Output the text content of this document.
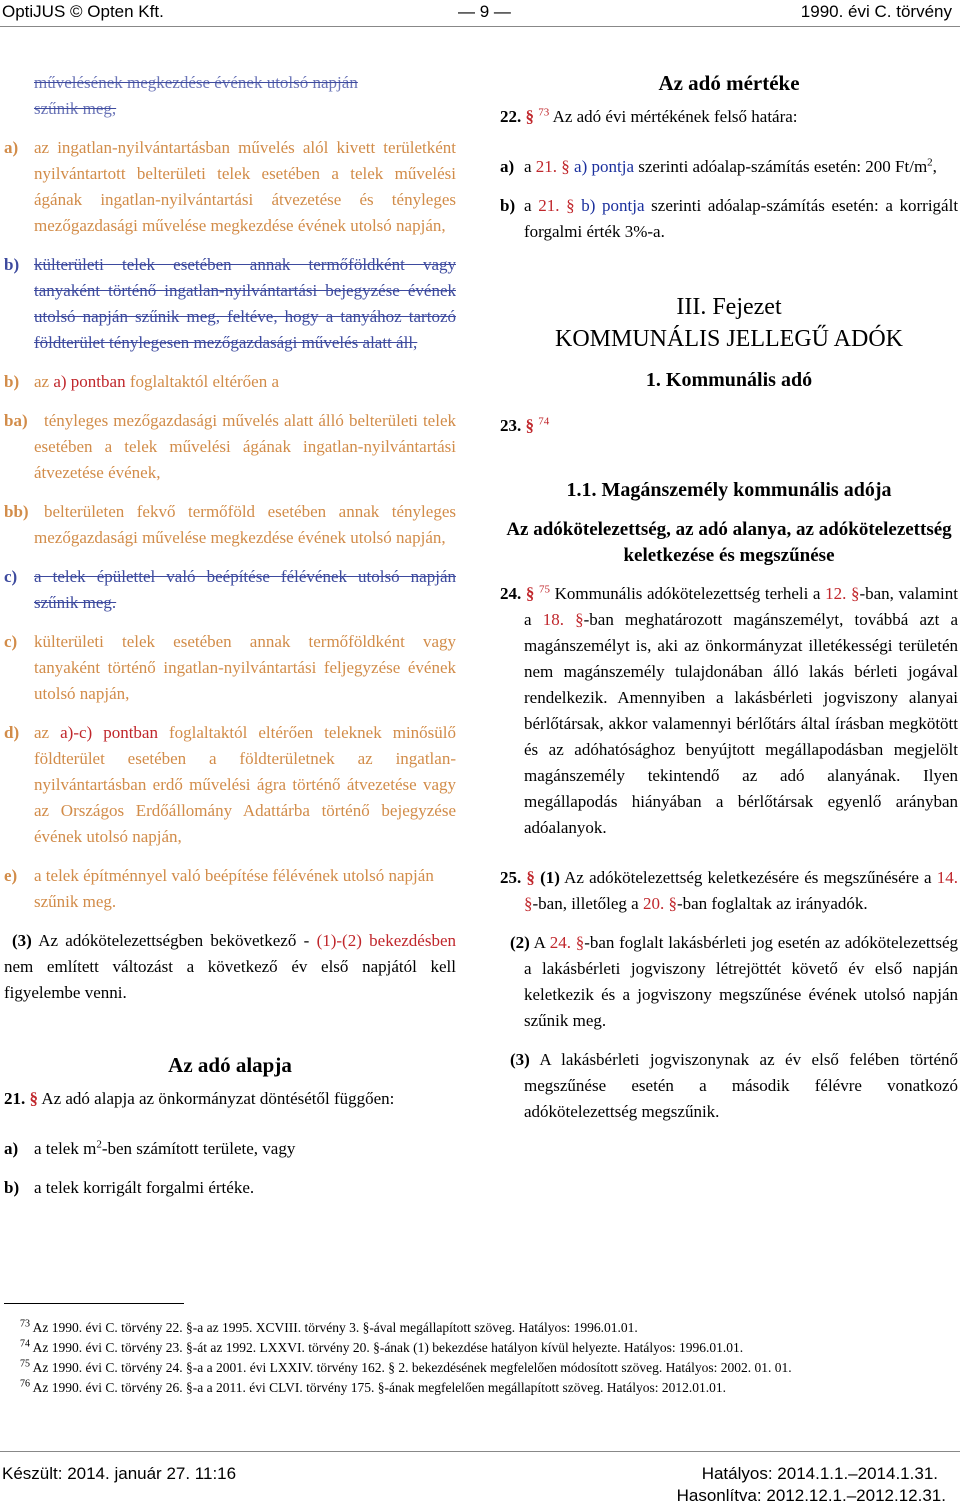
OptiJUS © Opten Kft.	— 9 —	1990. évi C. törvény

művelésének megkezdése évének utolsó napján

szűnik meg,

a) az ingatlan-nyilvántartásban művelés alól kivett területként nyilvántartott belterületi telek esetében a telek művelési ágának ingatlan-nyilvántartási átvezetése és tényleges mezőgazdasági művelése megkezdése évének utolsó napján,
b) külterületi telek esetében annak termőföldként vagy tanyaként történő ingatlan-nyilvántartási bejegyzése évének utolsó napján szűnik meg, feltéve, hogy a tanyához tartozó földterület ténylegesen mezőgazdasági művelés alatt áll,
b) az a) pontban foglaltaktól eltérően a
ba) tényleges mezőgazdasági művelés alatt álló belterületi telek esetében a telek művelési ágának ingatlan-nyilvántartási átvezetése évének,
bb) belterületen fekvő termőföld esetében annak tényleges mezőgazdasági művelése megkezdése évének utolsó napján,
c) a telek épülettel való beépítése félévének utolsó napján szűnik meg.
c) külterületi telek esetében annak termőföldként vagy tanyaként történő ingatlan-nyilvántartási feljegyzése évének utolsó napján,
d) az a)-c) pontban foglaltaktól eltérően teleknek minősülő földterület esetében a földterületnek az ingatlan-nyilvántartásban erdő művelési ágra történő átvezetése vagy az Országos Erdőállomány Adattárba történő bejegyzése évének utolsó napján,
e) a telek építménnyel való beépítése félévének utolsó napján
szűnik meg.

(3) Az adókötelezettségben bekövetkező - (1)-(2) bekezdésben nem említett változást a következő év első napjától kell figyelembe venni.

Az adó alapja

21. § Az adó alapja az önkormányzat döntésétől függően:

a) a telek $m^2$-ben számított területe, vagy
b) a telek korrigált forgalmi értéke.

Az adó mértéke

22. § $^{73}$ Az adó évi mértékének felső határa:

a) a 21. § a) pontja szerinti adóalap-számítás esetén: 200 $Ft/m^2$,
b) a 21. § b) pontja szerinti adóalap-számítás esetén: a korrigált forgalmi érték 3%-a.

III. Fejezet

KOMMUNÁLIS JELLEGŰ ADÓK

1. Kommunális adó

23. § $^{74}$

1.1. Magánszemély kommunális adója

Az adókötelezettség, az adó alanya, az adókötelezettség keletkezése és megszűnése

24. § $^{75}$ Kommunális adókötelezettség terheli a 12. §-ban, valamint a 18. §-ban meghatározott magánszemélyt, továbbá azt a magánszemélyt is, aki az önkormányzat illetékességi területén nem magánszemély tulajdonában álló lakás bérleti jogával rendelkezik. Amennyiben a lakásbérleti jogviszony alanyai bérlőtársak, akkor valamennyi bérlőtárs által írásban megkötött és az adóhatósághoz benyújtott megállapodásban megjelölt magánszemély tekintendő az adó alanyának. Ilyen megállapodás hiányában a bérlőtársak egyenlő arányban adóalanyok.

25. § (1) Az adókötelezettség keletkezésére és megszűnésére a 14. §-ban, illetőleg a 20. §-ban foglaltak az irányadók.

(2) A 24. §-ban foglalt lakásbérleti jog esetén az adókötelezettség a lakásbérleti jogviszony létrejöttét követő év első napján keletkezik és a jogviszony megszűnése évének utolsó napján szűnik meg.

(3) A lakásbérleti jogviszonynak az év első felében történő megszűnése esetén a második félévre vonatkozó adókötelezettség megszűnik.

$^{73}$ Az 1990. évi C. törvény 22. §-a az 1995. XCVIII. törvény 3. §-ával megállapított szöveg. Hatályos: 1996.01.01.

$^{74}$ Az 1990. évi C. törvény 23. §-át az 1992. LXXVI. törvény 20. §-ának (1) bekezdése hatályon kívül helyezte. Hatályos: 1996.01.01.

$^{75}$ Az 1990. évi C. törvény 24. §-a a 2001. évi LXXIV. törvény 162. § 2. bekezdésének megfelelően módosított szöveg. Hatályos: 2002. 01. 01.

$^{76}$ Az 1990. évi C. törvény 26. §-a a 2011. évi CLVI. törvény 175. §-ának megfelelően megállapított szöveg. Hatályos: 2012.01.01.

Készült: 2014. január 27. 11:16	Hatályos: 2014.1.1.–2014.1.31.
Hasonlítva: 2012.12.1.–2012.12.31.
